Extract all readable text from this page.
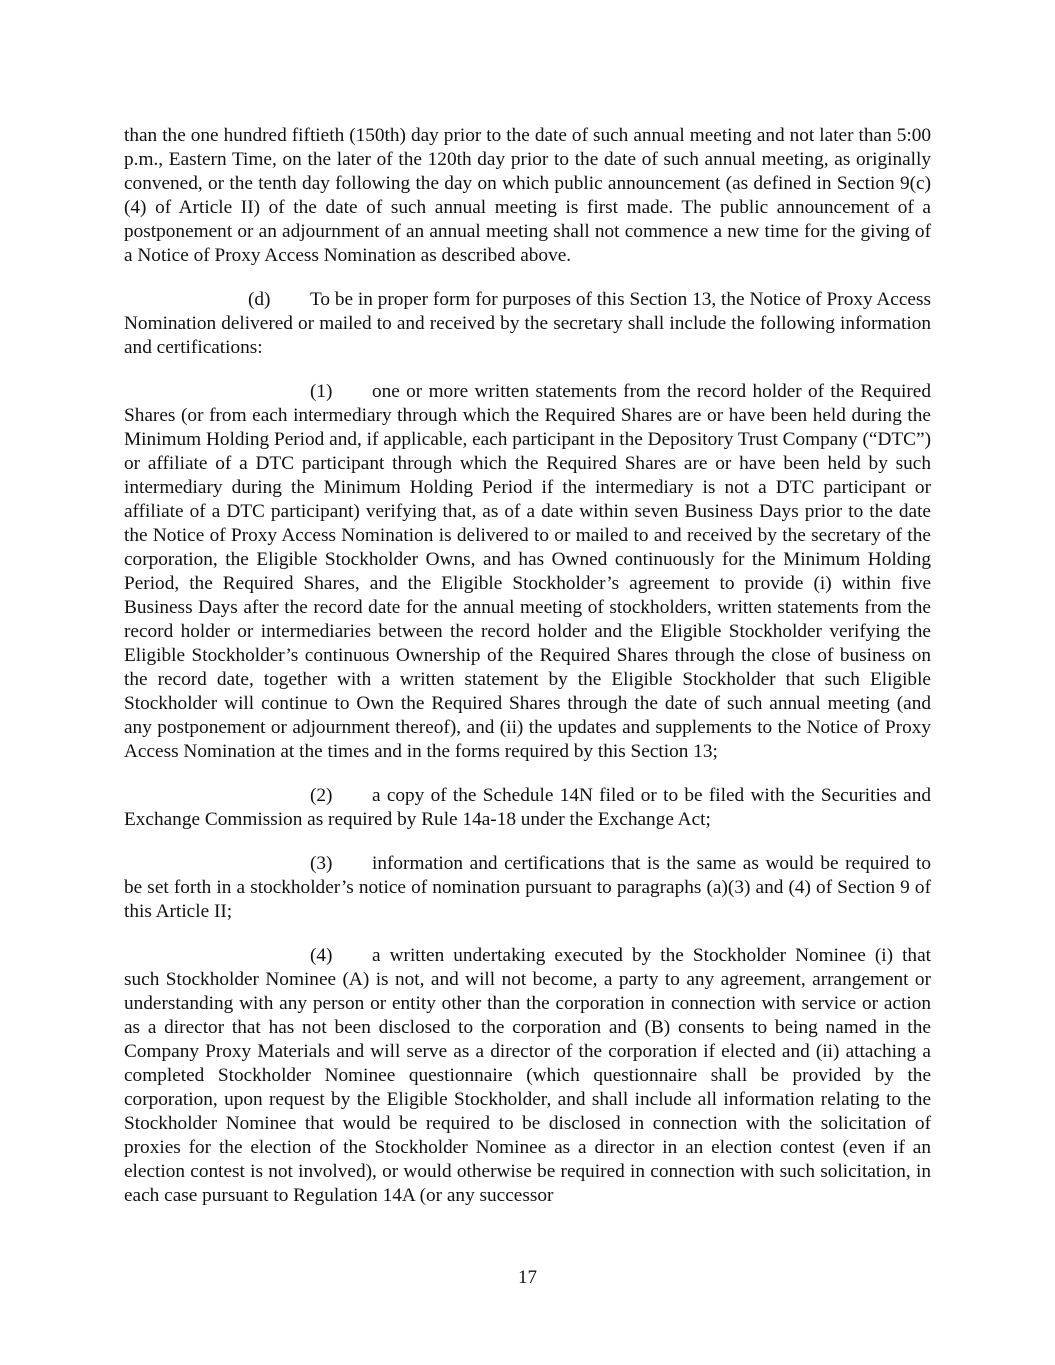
than the one hundred fiftieth (150th) day prior to the date of such annual meeting and not later than 5:00 p.m., Eastern Time, on the later of the 120th day prior to the date of such annual meeting, as originally convened, or the tenth day following the day on which public announcement (as defined in Section 9(c)(4) of Article II) of the date of such annual meeting is first made. The public announcement of a postponement or an adjournment of an annual meeting shall not commence a new time for the giving of a Notice of Proxy Access Nomination as described above.

(d) To be in proper form for purposes of this Section 13, the Notice of Proxy Access Nomination delivered or mailed to and received by the secretary shall include the following information and certifications:

(1) one or more written statements from the record holder of the Required Shares (or from each intermediary through which the Required Shares are or have been held during the Minimum Holding Period and, if applicable, each participant in the Depository Trust Company (“DTC”) or affiliate of a DTC participant through which the Required Shares are or have been held by such intermediary during the Minimum Holding Period if the intermediary is not a DTC participant or affiliate of a DTC participant) verifying that, as of a date within seven Business Days prior to the date the Notice of Proxy Access Nomination is delivered to or mailed to and received by the secretary of the corporation, the Eligible Stockholder Owns, and has Owned continuously for the Minimum Holding Period, the Required Shares, and the Eligible Stockholder’s agreement to provide (i) within five Business Days after the record date for the annual meeting of stockholders, written statements from the record holder or intermediaries between the record holder and the Eligible Stockholder verifying the Eligible Stockholder’s continuous Ownership of the Required Shares through the close of business on the record date, together with a written statement by the Eligible Stockholder that such Eligible Stockholder will continue to Own the Required Shares through the date of such annual meeting (and any postponement or adjournment thereof), and (ii) the updates and supplements to the Notice of Proxy Access Nomination at the times and in the forms required by this Section 13;

(2) a copy of the Schedule 14N filed or to be filed with the Securities and Exchange Commission as required by Rule 14a-18 under the Exchange Act;

(3) information and certifications that is the same as would be required to be set forth in a stockholder’s notice of nomination pursuant to paragraphs (a)(3) and (4) of Section 9 of this Article II;

(4) a written undertaking executed by the Stockholder Nominee (i) that such Stockholder Nominee (A) is not, and will not become, a party to any agreement, arrangement or understanding with any person or entity other than the corporation in connection with service or action as a director that has not been disclosed to the corporation and (B) consents to being named in the Company Proxy Materials and will serve as a director of the corporation if elected and (ii) attaching a completed Stockholder Nominee questionnaire (which questionnaire shall be provided by the corporation, upon request by the Eligible Stockholder, and shall include all information relating to the Stockholder Nominee that would be required to be disclosed in connection with the solicitation of proxies for the election of the Stockholder Nominee as a director in an election contest (even if an election contest is not involved), or would otherwise be required in connection with such solicitation, in each case pursuant to Regulation 14A (or any successor

17
